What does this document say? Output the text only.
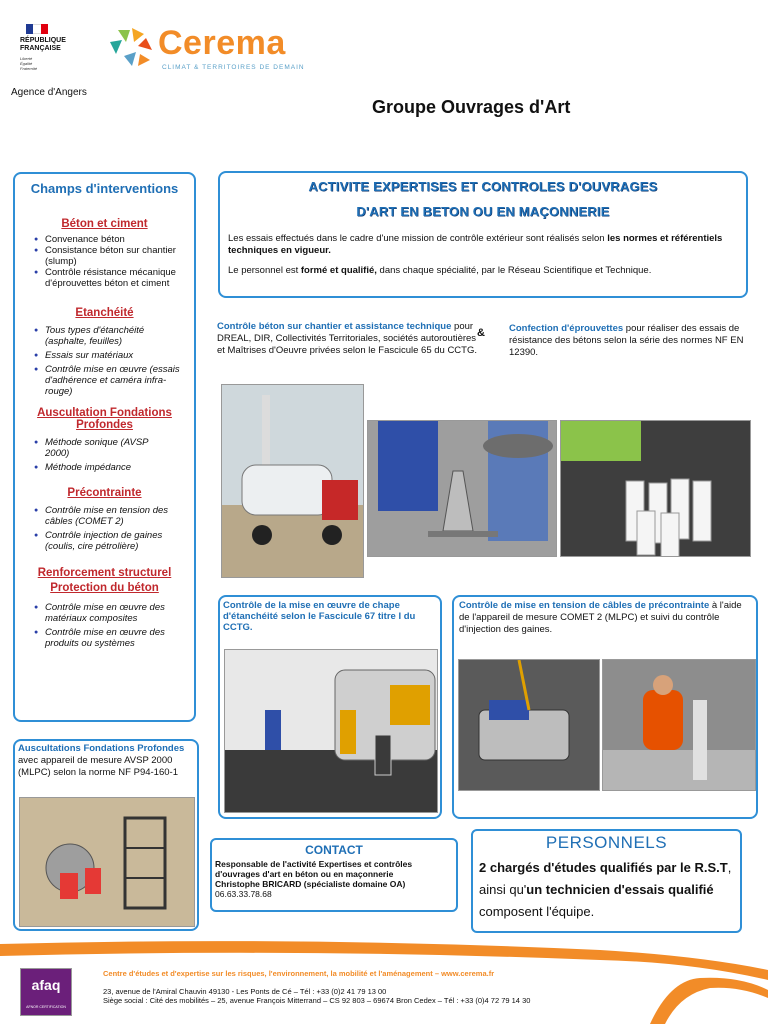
RÉPUBLIQUE
FRANÇAISE
Liberté
Égalité
Fraternité
Cerema
CLIMAT & TERRITOIRES DE DEMAIN
Agence d'Angers
Groupe Ouvrages d'Art
Champs d'interventions
Béton et ciment
● Convenance béton
● Consistance béton sur chantier (slump)
● Contrôle résistance mécanique d'éprouvettes béton et ciment
Etanchéité
● Tous types d'étanchéité (asphalte, feuilles)
● Essais sur matériaux
● Contrôle mise en œuvre (essais d'adhérence et caméra infra-rouge)
Auscultation Fondations Profondes
● Méthode sonique (AVSP 2000)
● Méthode impédance
Précontrainte
● Contrôle mise en tension des câbles (COMET 2)
● Contrôle injection de gaines (coulis, cire pétrolière)
Renforcement structurel Protection du béton
● Contrôle mise en œuvre des matériaux composites
● Contrôle mise en œuvre des produits ou systèmes
ACTIVITE EXPERTISES ET CONTROLES D'OUVRAGES
D'ART EN BETON OU EN MAÇONNERIE
Les essais effectués dans le cadre d'une mission de contrôle extérieur sont réalisés selon les normes et référentiels techniques en vigueur.
Le personnel est formé et qualifié, dans chaque spécialité, par le Réseau Scientifique et Technique.
Contrôle béton sur chantier et assistance technique pour DREAL, DIR, Collectivités Territoriales, sociétés autoroutières et Maîtrises d'Oeuvre privées selon le Fascicule 65 du CCTG.
&	Confection d'éprouvettes pour réaliser des essais de résistance des bétons selon la série des normes NF EN 12390.
Contrôle de la mise en œuvre de chape d'étanchéité selon le Fascicule 67 titre I du CCTG.
Contrôle de mise en tension de câbles de précontrainte à l'aide de l'appareil de mesure COMET 2 (MLPC) et suivi du contrôle d'injection des gaines.
Auscultations Fondations Profondes avec appareil de mesure AVSP 2000 (MLPC) selon la norme NF P94-160-1
CONTACT
Responsable de l'activité Expertises et contrôles d'ouvrages d'art en béton ou en maçonnerie
Christophe BRICARD (spécialiste domaine OA)
06.63.33.78.68
PERSONNELS
2 chargés d'études qualifiés par le R.S.T, ainsi qu'un technicien d'essais qualifié composent l'équipe.
afaq
AFNOR CERTIFICATION
Centre d'études et d'expertise sur les risques, l'environnement, la mobilité et l'aménagement – www.cerema.fr
23, avenue de l'Amiral Chauvin 49130 - Les Ponts de Cé – Tél : +33 (0)2 41 79 13 00
Siège social : Cité des mobilités – 25, avenue François Mitterrand – CS 92 803 – 69674 Bron Cedex – Tél : +33 (0)4 72 79 14 30
